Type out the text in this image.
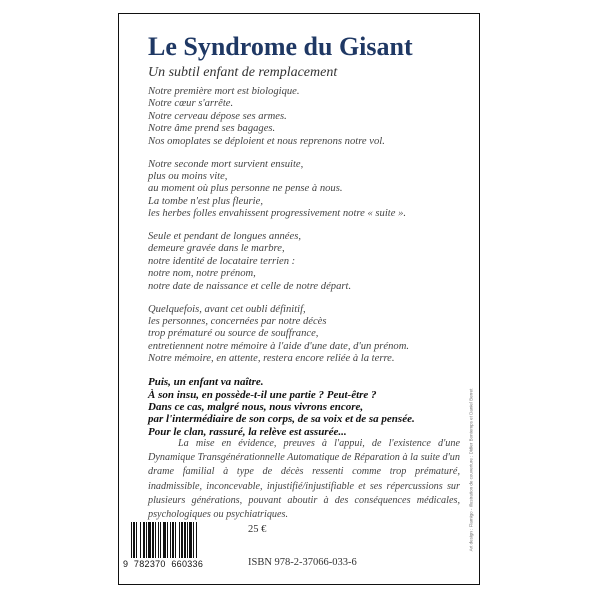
Le Syndrome du Gisant
Un subtil enfant de remplacement
Notre première mort est biologique.
Notre cœur s'arrête.
Notre cerveau dépose ses armes.
Notre âme prend ses bagages.
Nos omoplates se déploient et nous reprenons notre vol.
Notre seconde mort survient ensuite,
plus ou moins vite,
au moment où plus personne ne pense à nous.
La tombe n'est plus fleurie,
les herbes folles envahissent progressivement notre « suite ».
Seule et pendant de longues années,
demeure gravée dans le marbre,
notre identité de locataire terrien :
notre nom, notre prénom,
notre date de naissance et celle de notre départ.
Quelquefois, avant cet oubli définitif,
les personnes, concernées par notre décès
trop prématuré ou source de souffrance,
entretiennent notre mémoire à l'aide d'une date, d'un prénom.
Notre mémoire, en attente, restera encore reliée à la terre.
Puis, un enfant va naître.
À son insu, en possède-t-il une partie ? Peut-être ?
Dans ce cas, malgré nous, nous vivrons encore,
par l'intermédiaire de son corps, de sa voix et de sa pensée.
Pour le clan, rassuré, la relève est assurée...
La mise en évidence, preuves à l'appui, de l'existence d'une Dynamique Transgénérationnelle Automatique de Réparation à la suite d'un drame familial à type de décès ressenti comme trop prématuré, inadmissible, inconcevable, injustifié/injustifiable et ses répercussions sur plusieurs générations, pouvant aboutir à des conséquences médicales, psychologiques ou psychiatriques.
9  782370  660336
25 €
ISBN 978-2-37066-033-6
Art design : Flamigo - Illustration de couverture : Didier Bontemps et Daniel Berret
